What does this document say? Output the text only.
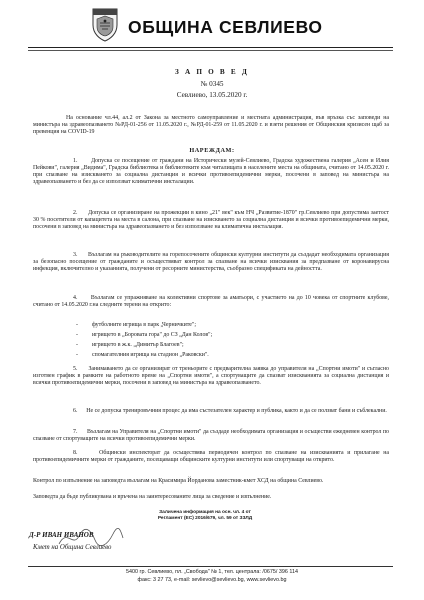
ОБЩИНА СЕВЛИЕВО
З А П О В Е Д
№ 0345
Севлиево, 13.05.2020 г.
На основание чл.44, ал.2 от Закона за местното самоуправление и местната администрация, във връзка със заповеди на министъра на здравеопазването №РД-01-256 от 11.05.2020 г., №РД-01-259 от 11.05.2020 г. и взети решения от Общинския кризисен щаб за превенция на COVID-19
НАРЕЖДАМ:
1. Допуска се посещение от граждани на Исторически музей-Севлиево, Градска художествена галерия „Асен и Илия Пейкови", галерия „Видима", Градска библиотека и библиотеките към читалищата в населените места на общината, считано от 14.05.2020 г. при спазване на изискването за социална дистанция и всички противоепидемични мерки, посочени в заповед на министъра на здравеопазването и без да се използват климатични инсталации.
2. Допуска се организиране на прожекции в кино „21" век" към НЧ „Развитие-1870" гр.Севлиево при допустима заетост 30 % посетители от капацитета на места в салона, при спазване на изискването за социална дистанция и всички противоепидемични мерки, посочени в заповед на министъра на здравеопазването и без използване на климатична инсталация.
3. Възлагам на ръководителите на горепосочените общински културни институти да създадат необходимата организация за безопасно посещение от гражданите и осъществяват контрол за спазване на всички изисквания за предпазване от коронавирусна инфекция, включително и указанията, получени от ресорните министерства, съобразно спецификата на дейността.
4. Възлагам се упражняване на колективни спортове за аматьори, с участието на до 10 човека от спортните клубове, считано от 14.05.2020 г.на следните терени на открито:
- футболните игрища в парк „Черничките";
- игрището в „Боровата гора" до СЗ „Дан Колов";
- игрището в ж.к. „Димитър Благоев";
- спомагателния игрища на стадион „Раковски".
5. Занимаването да се организират от треньорите с предварителна заявка до управителя на „Спортни имоти" и съгласно изготвен график в рамките на работното време на „Спортни имоти", а спортуващите да спазват изискванията за социална дистанция и всички противоепидемични мерки, посочени в заповед на министъра на здравеопазването.
6. Не се допуска тренировъчния процес да има състезателен характер и публика, както и да се ползват бани и съблекални.
7. Възлагам на Управителя на „Спортни имоти" да създаде необходимата организация и осъществи ежедневен контрол по спазване от спортуващите на всички противоепидемични мерки.
8.	Общински инспекторат да осъществява периодичен контрол по спазване на изискванията и прилагане на противоепидемичните мерки от гражданите, посещаващи общинските културни институти или спортуващи на открито.
Контрол по изпълнение на заповедта възлагам на Красимира Йорданова заместник-кмет ХСД на община Севлиево.
Заповедта да бъде публикувана и връчена на заинтересованите лица за сведение и изпълнение.
Заличена информация на осн. чл. 4 от
Регламент (ЕС) 2016/679, чл. 59 от ЗЗЛД
Д-Р ИВАН ИВАНОВ
Кмет на Община Севлиево
5400 гр. Севлиево, пл. „Свобода" № 1, тел. централа: /0675/ 396 114
факс: 3 27 73, e-mail: sevlievo@sevlievo.bg, www.sevlievo.bg
